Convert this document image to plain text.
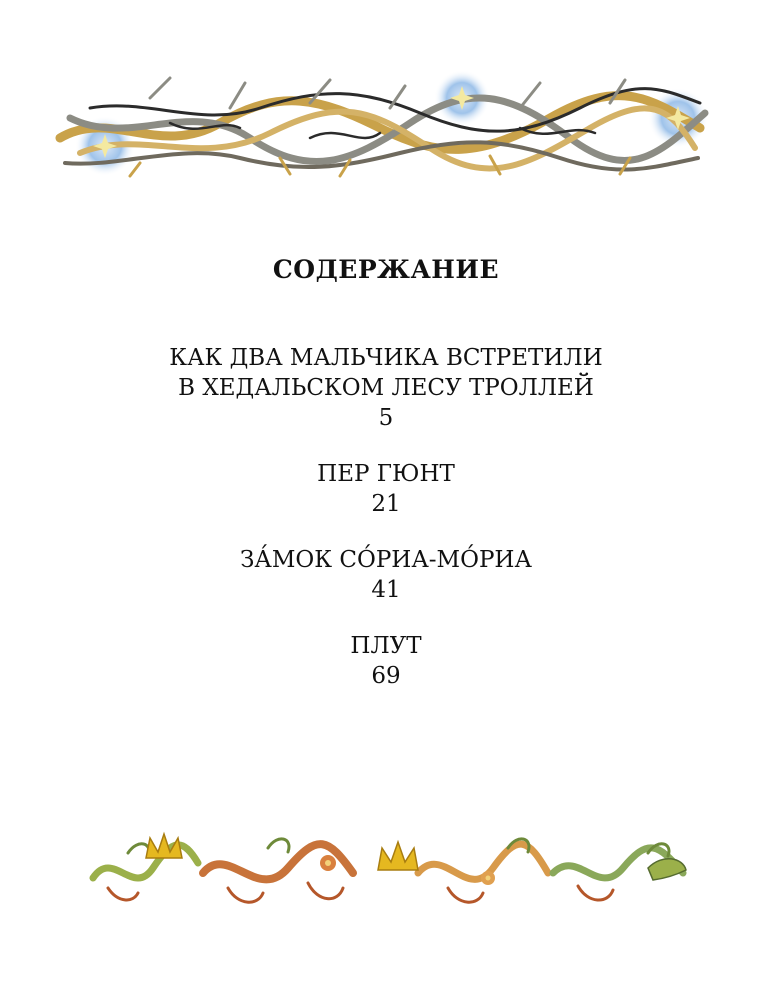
СОДЕРЖАНИЕ
КАК ДВА МАЛЬЧИКА ВСТРЕТИЛИ
В ХЕДАЛЬСКОМ ЛЕСУ ТРОЛЛЕЙ
5
ПЕР ГЮНТ
21
ЗА́МОК СО́РИА-МО́РИА
41
ПЛУТ
69
